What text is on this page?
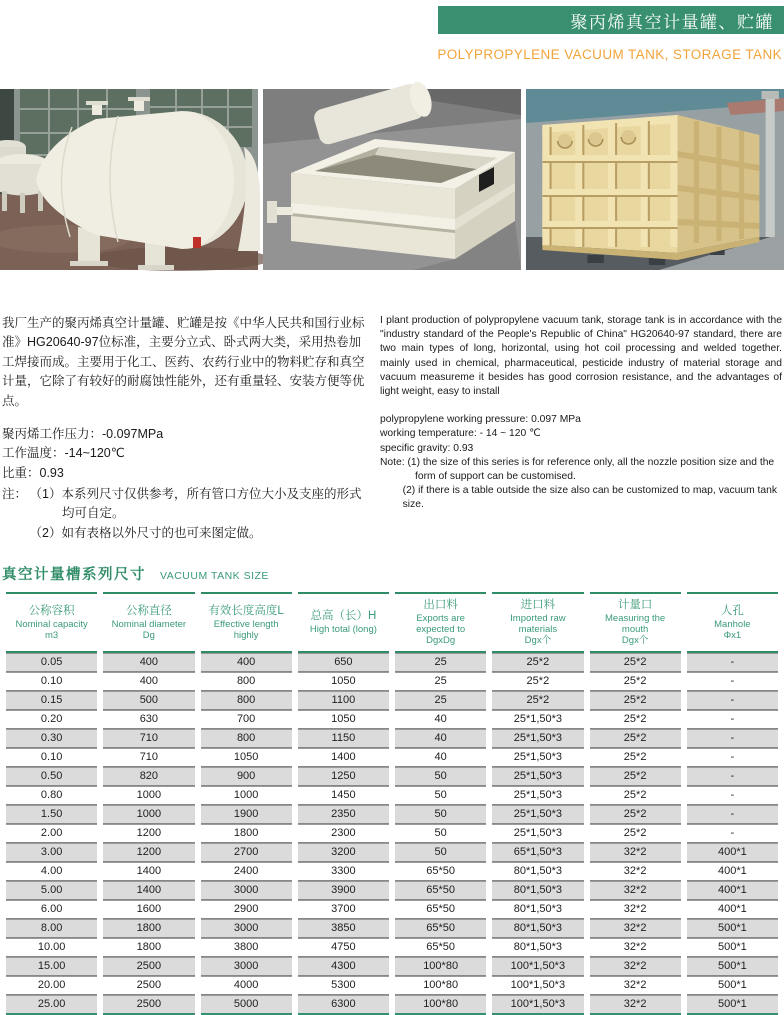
聚丙烯真空计量罐、贮罐
POLYPROPYLENE VACUUM TANK, STORAGE TANK
我厂生产的聚丙烯真空计量罐、贮罐是按《中华人民共和国行业标准》HG20640-97位标准，主要分立式、卧式两大类，采用热卷加工焊接而成。主要用于化工、医药、农药行业中的物料贮存和真空计量，它除了有较好的耐腐蚀性能外，还有重量轻、安装方便等优点。
聚丙烯工作压力：-0.097MPa
工作温度：-14~120℃
比重：0.93
注： （1）本系列尺寸仅供参考，所有管口方位大小及支座的形式均可自定。
（2）如有表格以外尺寸的也可来图定做。
I plant production of polypropylene vacuum tank, storage tank is in accordance with the "industry standard of the People's Republic of China" HG20640-97 standard, there are two main types of long, horizontal, using hot coil processing and welded together. mainly used in chemical, pharmaceutical, pesticide industry of material storage and vacuum measureme it besides has good corrosion resistance, and the advantages of light weight, easy to install
polypropylene working pressure: 0.097 MPa
working temperature: - 14 ~ 120 ℃
specific gravity: 0.93
Note: (1) the size of this series is for reference only, all the nozzle position size and the form of support can be customised.
(2) if there is a table outside the size also can be customized to map, vacuum tank size.
真空计量槽系列尺寸 VACUUM TANK SIZE
公称容积
Nominal capacity
m3

公称直径
Nominal diameter
Dg

有效长度高度L
Effective length
highly

总高（长）H
High total (long)

出口料
Exports are
expected to
DgxDg

进口料
Imported raw
materials
Dgx个

计量口
Measuring the
mouth
Dgx个

人孔
Manhole
Φx1

0.05	400	400	650	25	25*2	25*2	-
0.10	400	800	1050	25	25*2	25*2	-
0.15	500	800	1100	25	25*2	25*2	-
0.20	630	700	1050	40	25*1,50*3	25*2	-
0.30	710	800	1150	40	25*1,50*3	25*2	-
0.10	710	1050	1400	40	25*1,50*3	25*2	-
0.50	820	900	1250	50	25*1,50*3	25*2	-
0.80	1000	1000	1450	50	25*1,50*3	25*2	-
1.50	1000	1900	2350	50	25*1,50*3	25*2	-
2.00	1200	1800	2300	50	25*1,50*3	25*2	-
3.00	1200	2700	3200	50	65*1,50*3	32*2	400*1
4.00	1400	2400	3300	65*50	80*1,50*3	32*2	400*1
5.00	1400	3000	3900	65*50	80*1,50*3	32*2	400*1
6.00	1600	2900	3700	65*50	80*1,50*3	32*2	400*1
8.00	1800	3000	3850	65*50	80*1,50*3	32*2	500*1
10.00	1800	3800	4750	65*50	80*1,50*3	32*2	500*1
15.00	2500	3000	4300	100*80	100*1,50*3	32*2	500*1
20.00	2500	4000	5300	100*80	100*1,50*3	32*2	500*1
25.00	2500	5000	6300	100*80	100*1,50*3	32*2	500*1
